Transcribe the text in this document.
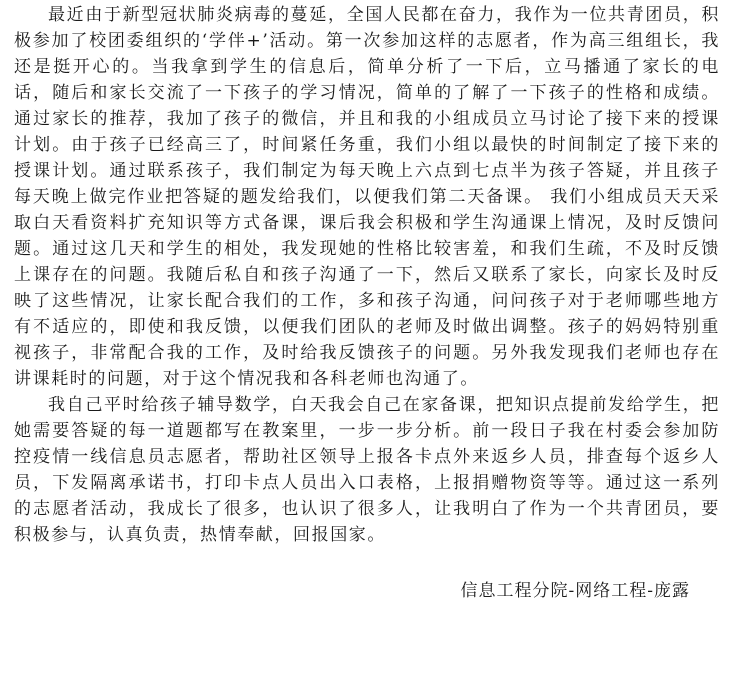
最近由于新型冠状肺炎病毒的蔓延，全国人民都在奋力，我作为一位共青团员，积极参加了校团委组织的‘学伴+’活动。第一次参加这样的志愿者，作为高三组组长，我还是挺开心的。当我拿到学生的信息后，简单分析了一下后，立马播通了家长的电话，随后和家长交流了一下孩子的学习情况，简单的了解了一下孩子的性格和成绩。通过家长的推荐，我加了孩子的微信，并且和我的小组成员立马讨论了接下来的授课计划。由于孩子已经高三了，时间紧任务重，我们小组以最快的时间制定了接下来的授课计划。通过联系孩子，我们制定为每天晚上六点到七点半为孩子答疑，并且孩子每天晚上做完作业把答疑的题发给我们，以便我们第二天备课。 我们小组成员天天采取白天看资料扩充知识等方式备课，课后我会积极和学生沟通课上情况，及时反馈问题。通过这几天和学生的相处，我发现她的性格比较害羞，和我们生疏，不及时反馈上课存在的问题。我随后私自和孩子沟通了一下，然后又联系了家长，向家长及时反映了这些情况，让家长配合我们的工作，多和孩子沟通，问问孩子对于老师哪些地方有不适应的，即使和我反馈，以便我们团队的老师及时做出调整。孩子的妈妈特别重视孩子，非常配合我的工作，及时给我反馈孩子的问题。另外我发现我们老师也存在讲课耗时的问题，对于这个情况我和各科老师也沟通了。

我自己平时给孩子辅导数学，白天我会自己在家备课，把知识点提前发给学生，把她需要答疑的每一道题都写在教案里，一步一步分析。前一段日子我在村委会参加防控疫情一线信息员志愿者，帮助社区领导上报各卡点外来返乡人员，排查每个返乡人员，下发隔离承诺书，打印卡点人员出入口表格，上报捐赠物资等等。通过这一系列的志愿者活动，我成长了很多，也认识了很多人，让我明白了作为一个共青团员，要积极参与，认真负责，热情奉献，回报国家。

信息工程分院-网络工程-庞露
